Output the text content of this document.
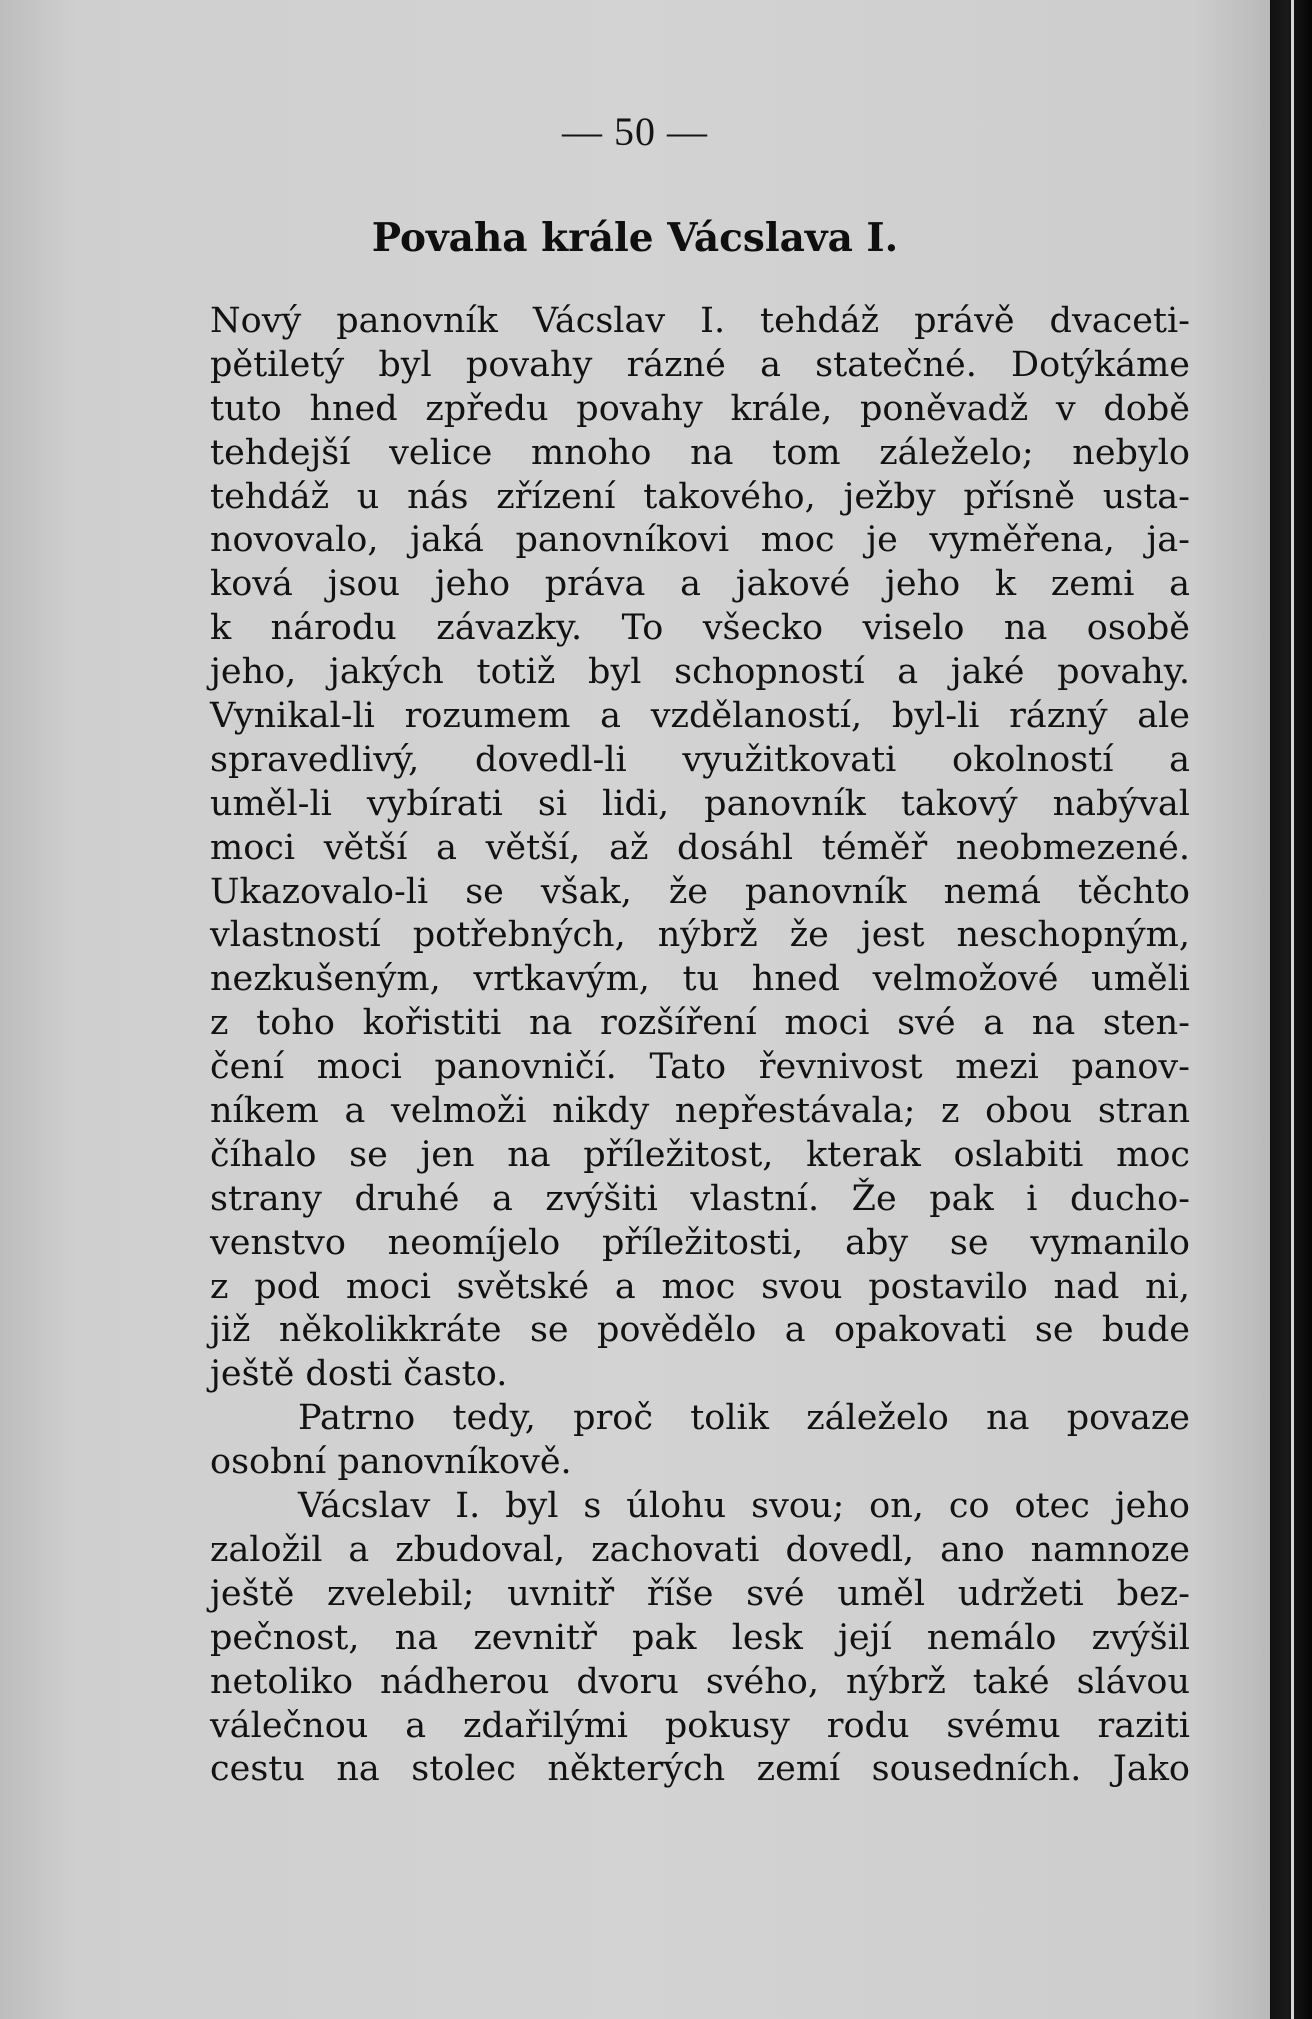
— 50 —
Povaha krále Vácslava I.
Nový panovník Vácslav I. tehdáž právě dvaceti-
pětiletý byl povahy rázné a statečné. Dotýkáme
tuto hned zpředu povahy krále, poněvadž v době
tehdejší velice mnoho na tom záleželo; nebylo
tehdáž u nás zřízení takového, ježby přísně usta-
novovalo, jaká panovníkovi moc je vyměřena, ja-
ková jsou jeho práva a jakové jeho k zemi a
k národu závazky. To všecko viselo na osobě
jeho, jakých totiž byl schopností a jaké povahy.
Vynikal-li rozumem a vzdělaností, byl-li rázný ale
spravedlivý, dovedl-li využitkovati okolností a
uměl-li vybírati si lidi, panovník takový nabýval
moci větší a větší, až dosáhl téměř neobmezené.
Ukazovalo-li se však, že panovník nemá těchto
vlastností potřebných, nýbrž že jest neschopným,
nezkušeným, vrtkavým, tu hned velmožové uměli
z toho kořistiti na rozšíření moci své a na sten-
čení moci panovničí. Tato řevnivost mezi panov-
níkem a velmoži nikdy nepřestávala; z obou stran
číhalo se jen na příležitost, kterak oslabiti moc
strany druhé a zvýšiti vlastní. Že pak i ducho-
venstvo neomíjelo příležitosti, aby se vymanilo
z pod moci světské a moc svou postavilo nad ni,
již několikkráte se povědělo a opakovati se bude
ještě dosti často.
Patrno tedy, proč tolik záleželo na povaze
osobní panovníkově.
Vácslav I. byl s úlohu svou; on, co otec jeho
založil a zbudoval, zachovati dovedl, ano namnoze
ještě zvelebil; uvnitř říše své uměl udržeti bez-
pečnost, na zevnitř pak lesk její nemálo zvýšil
netoliko nádherou dvoru svého, nýbrž také slávou
válečnou a zdařilými pokusy rodu svému raziti
cestu na stolec některých zemí sousedních. Jako
